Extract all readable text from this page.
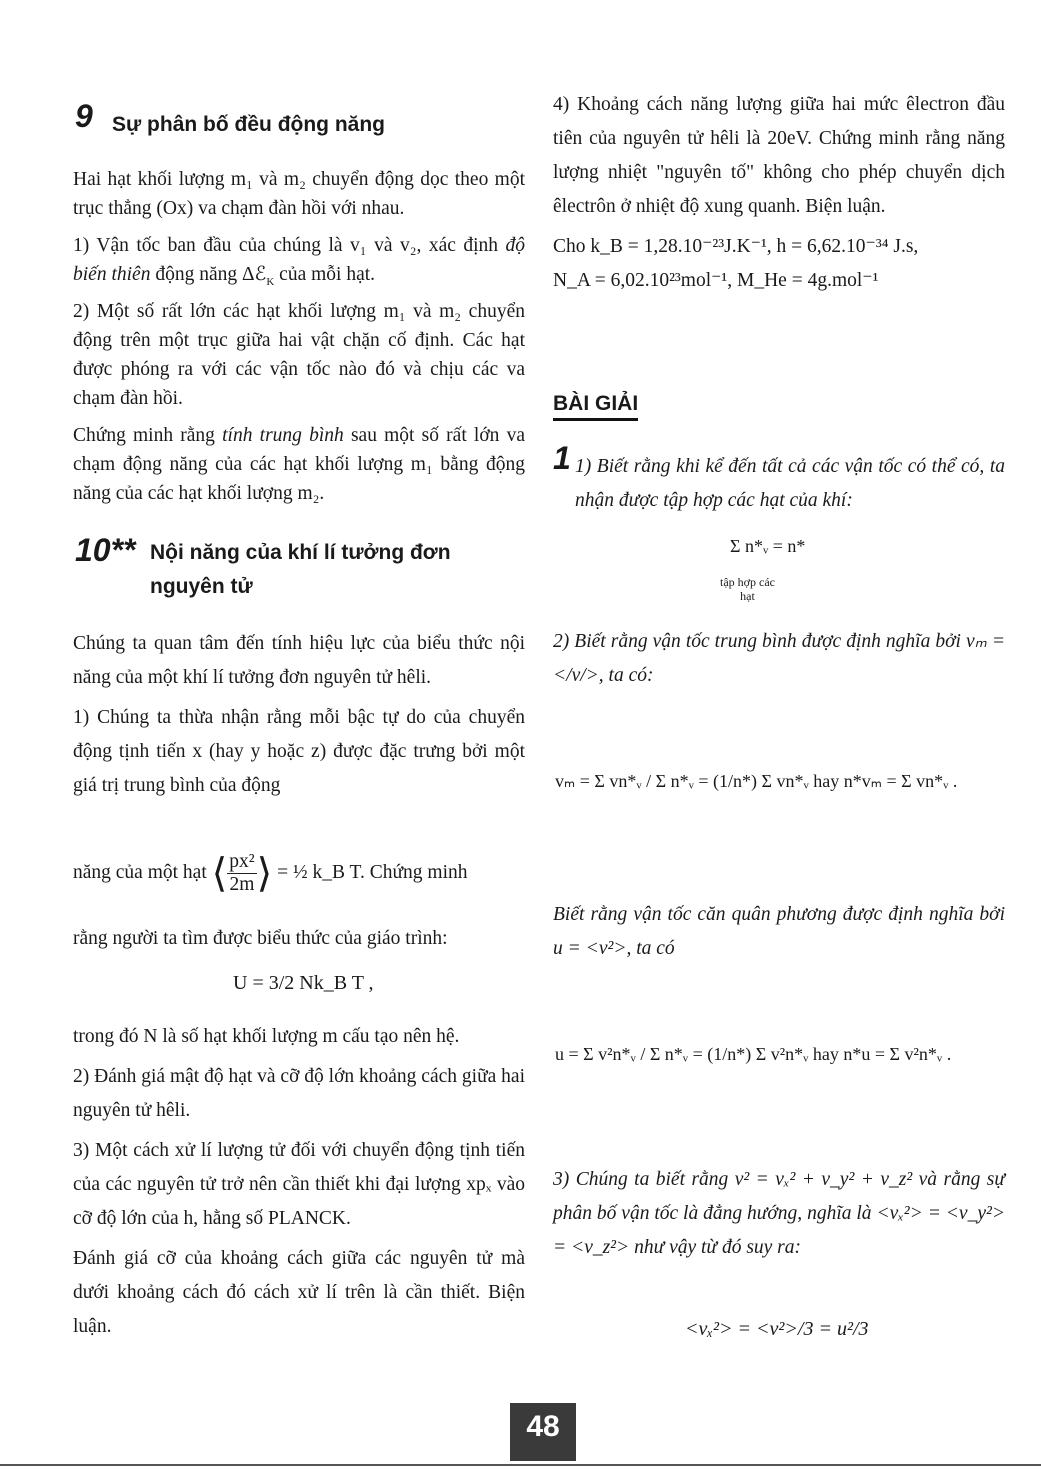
9 Sự phân bố đều động năng

Hai hạt khối lượng m₁ và m₂ chuyển động dọc theo một trục thẳng (Ox) va chạm đàn hồi với nhau.

1) Vận tốc ban đầu của chúng là v₁ và v₂, xác định độ biến thiên động năng Δℰ$_K$ của mỗi hạt.

2) Một số rất lớn các hạt khối lượng m₁ và m₂ chuyển động trên một trục giữa hai vật chặn cố định. Các hạt được phóng ra với các vận tốc nào đó và chịu các va chạm đàn hồi.

Chứng minh rằng tính trung bình sau một số rất lớn va chạm động năng của các hạt khối lượng m₁ bằng động năng của các hạt khối lượng m₂.

10** Nội năng của khí lí tưởng đơn
nguyên tử

Chúng ta quan tâm đến tính hiệu lực của biểu thức nội năng của một khí lí tưởng đơn nguyên tử hêli.

1) Chúng ta thừa nhận rằng mỗi bậc tự do của chuyển động tịnh tiến x (hay y hoặc z) được đặc trưng bởi một giá trị trung bình của động

năng của một hạt ⟨ $\frac{\text{px²}}{2m}$ ⟩ = ½ k_B T. Chứng minh
rằng người ta tìm được biểu thức của giáo trình:
U = 3/2 Nk_B T ,

trong đó N là số hạt khối lượng m cấu tạo nên hệ.

2) Đánh giá mật độ hạt và cỡ độ lớn khoảng cách giữa hai nguyên tử hêli.

3) Một cách xử lí lượng tử đối với chuyển động tịnh tiến của các nguyên tử trở nên cần thiết khi đại lượng xpₓ vào cỡ độ lớn của h, hằng số PLANCK.

Đánh giá cỡ của khoảng cách giữa các nguyên tử mà dưới khoảng cách đó cách xử lí trên là cần thiết. Biện luận.

4) Khoảng cách năng lượng giữa hai mức êlectron đầu tiên của nguyên tử hêli là 20eV. Chứng minh rằng năng lượng nhiệt "nguyên tố" không cho phép chuyển dịch êlectrôn ở nhiệt độ xung quanh. Biện luận.

Cho k_B = 1,28.10⁻²³J.K⁻¹, h = 6,62.10⁻³⁴ J.s,

N_A = 6,02.10²³mol⁻¹, M_He = 4g.mol⁻¹

BÀI GIẢI
1 1) Biết rằng khi kể đến tất cả các vận tốc có thể có, ta nhận được tập hợp các hạt của khí:
Σ n*ᵥ = n*
tập hợp các hạt
2) Biết rằng vận tốc trung bình được định nghĩa bởi vₘ = </v/>, ta có:
vₘ = Σ vn*ᵥ / Σ n*ᵥ = (1/n*) Σ vn*ᵥ hay n*vₘ = Σ vn*ᵥ .
Biết rằng vận tốc căn quân phương được định nghĩa bởi u = <v²>, ta có
u = Σ v²n*ᵥ / Σ n*ᵥ = (1/n*) Σ v²n*ᵥ hay n*u = Σ v²n*ᵥ .
3) Chúng ta biết rằng v² = vₓ² + v_y² + v_z² và rằng sự phân bố vận tốc là đẳng hướng, nghĩa là <vₓ²> = <v_y²> = <v_z²> như vậy từ đó suy ra:
<vₓ²> = <v²>/3 = u²/3
48
